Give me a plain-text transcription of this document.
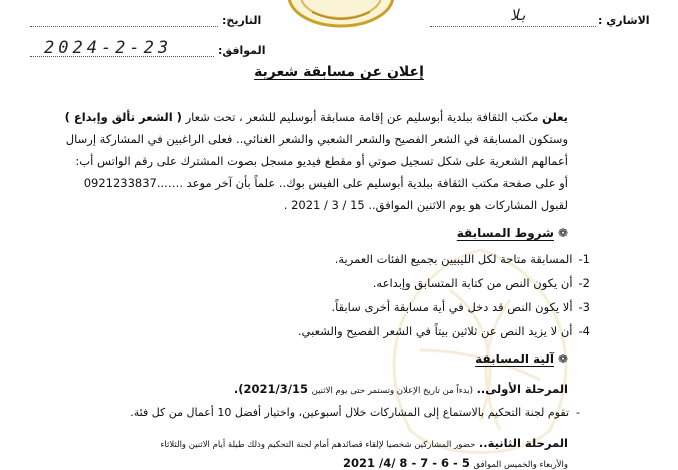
الاشاري :
بلا
التاريخ:
الموافق:
2024-2-23
إعلان عن مسابقة شعرية
يعلن مكتب الثقافة ببلدية أبوسليم عن إقامة مسابقة أبوسليم للشعر ، تحت شعار ( الشعر تألق وإبداع )
وستكون المسابقة في الشعر الفصيح والشعر الشعبي والشعر الغنائي.. فعلى الراغبين في المشاركة إرسال
أعمالهم الشعرية على شكل تسجيل صوتي أو مقطع فيديو مسجل بصوت المشترك على رقم الواتس أب:
0921233837...…. أو على صفحة مكتب الثقافة ببلدية أبوسليم على الفيس بوك.. علماً بأن آخر موعد
لقبول المشاركات هو يوم الاثنين الموافق.. 15 / 3 / 2021 .
❁شروط المسابقة
1-المسابقة متاحة لكل الليبيين بجميع الفئات العمرية.
2-أن يكون النص من كتابة المتسابق وإبداعه.
3-ألا يكون النص قد دخل في أية مسابقة أخرى سابقاً.
4-أن لا يزيد النص عن ثلاثين بيتاً في الشعر الفصيح والشعبي.
❁آلية المسابقة
المرحلة الأولى.. (بدءاً من تاريخ الإعلان وتستمر حتى يوم الاثنين 2021/3/15).
-  تقوم لجنة التحكيم بالاستماع إلى المشاركات خلال أسبوعين، واختيار أفضل 10 أعمال من كل فئة.
المرحلة الثانية.. حضور المشاركين شخصيا لإلقاء قصائدهم أمام لجنة التحكيم وذلك طيلة أيام الاثنين والثلاثاء
والأربعاء والخميس الموافق 5 - 6 - 7 - 8 /4/ 2021
